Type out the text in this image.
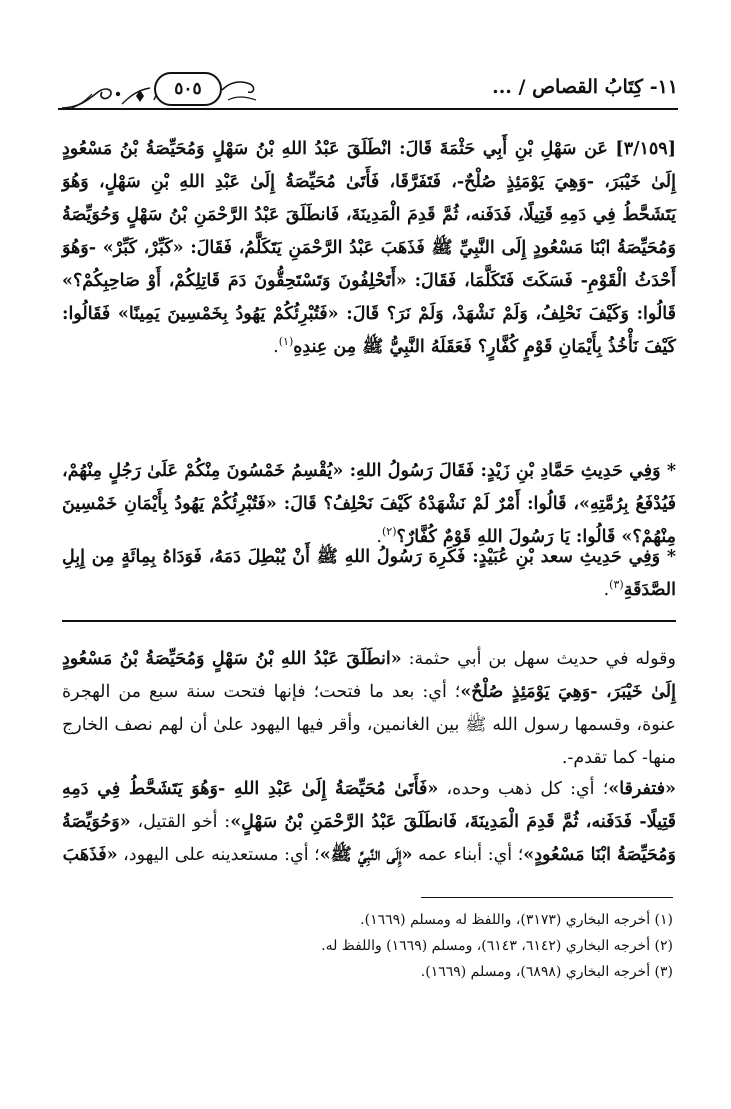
١١- كِتَابُ القصاص / ...
٥٠٥
[٣/١٥٩] عَن سَهْلِ بْنِ أَبِي حَثْمَةَ قَالَ: انْطَلَقَ عَبْدُ اللهِ بْنُ سَهْلٍ وَمُحَيِّصَةُ بْنُ مَسْعُودٍ إِلَىٰ خَيْبَرَ، -وَهِيَ يَوْمَئِذٍ صُلْحٌ-، فَتَفَرَّقَا، فَأَتَىٰ مُحَيِّصَةُ إِلَىٰ عَبْدِ اللهِ بْنِ سَهْلٍ، وَهُوَ يَتَشَحَّطُ فِي دَمِهِ قَتِيلًا، فَدَفَنه، ثُمَّ قَدِمَ الْمَدِينَةَ، فَانطَلَقَ عَبْدُ الرَّحْمَنِ بْنُ سَهْلٍ وَحُوَيِّصَةُ وَمُحَيِّصَةُ ابْنَا مَسْعُودٍ إِلَى النَّبِيِّ ﷺ فَذَهَبَ عَبْدُ الرَّحْمَنِ يَتَكَلَّمُ، فَقَالَ: «كَبِّرْ، كَبِّرْ» -وَهُوَ أَحْدَثُ الْقَوْمِ- فَسَكَتَ فَتَكَلَّمَا، فَقَالَ: «أَتَحْلِفُونَ وَتَسْتَحِقُّونَ دَمَ قَاتِلِكُمْ، أَوْ صَاحِبِكُمْ؟» قَالُوا: وَكَيْفَ نَحْلِفُ، وَلَمْ نَشْهَدْ، وَلَمْ نَرَ؟ قَالَ: «فَتُبْرِئُكُمْ يَهُودُ بِخَمْسِينَ يَمِينًا» فَقَالُوا: كَيْفَ نَأْخُذُ بِأَيْمَانِ قَوْمٍ كُفَّارٍ؟ فَعَقَلَهُ النَّبِيُّ ﷺ مِن عِندِهِ$^{(١)}$.
* وَفِي حَدِيثِ حَمَّادِ بْنِ زَيْدٍ: فَقَالَ رَسُولُ اللهِ: «يُقْسِمُ خَمْسُونَ مِنْكُمْ عَلَىٰ رَجُلٍ مِنْهُمْ، فَيُدْفَعُ بِرُمَّتِهِ»، قَالُوا: أَمْرٌ لَمْ نَشْهَدْهُ كَيْفَ نَحْلِفُ؟ قَالَ: «فَتُبْرِئُكُمْ يَهُودُ بِأَيْمَانِ خَمْسِينَ مِنْهُمْ؟» قَالُوا: يَا رَسُولَ اللهِ قَوْمٌ كُفَّارٌ؟$^{(٢)}$.
* وَفِي حَدِيثِ سعد بْنِ عُبَيْدٍ: فَكَرِهَ رَسُولُ اللهِ ﷺ أَنْ يُبْطِلَ دَمَهُ، فَوَدَاهُ بِمِائَةٍ مِن إِبِلِ الصَّدَقَةِ$^{(٣)}$.
وقوله في حديث سهل بن أبي حثمة: «انطَلَقَ عَبْدُ اللهِ بْنُ سَهْلٍ وَمُحَيِّصَةُ بْنُ مَسْعُودٍ إِلَىٰ خَيْبَرَ، -وَهِيَ يَوْمَئِذٍ صُلْحٌ»؛ أي: بعد ما فتحت؛ فإنها فتحت سنة سبع من الهجرة عنوة، وقسمها رسول الله ﷺ بين الغانمين، وأقر فيها اليهود علىٰ أن لهم نصف الخارج منها- كما تقدم-.
«فتفرقا»؛ أي: كل ذهب وحده، «فَأَتَىٰ مُحَيِّصَةُ إِلَىٰ عَبْدِ اللهِ -وَهُوَ يَتَشَحَّطُ فِي دَمِهِ قَتِيلًا- فَدَفَنه، ثُمَّ قَدِمَ الْمَدِينَةَ، فَانطَلَقَ عَبْدُ الرَّحْمَنِ بْنُ سَهْلٍ»: أخو القتيل، «وَحُوَيِّصَةُ وَمُحَيِّصَةُ ابْنَا مَسْعُودٍ»؛ أي: أبناء عمه «إِلَى النَّبِيِّ ﷺ»؛ أي: مستعدينه على اليهود، «فَذَهَبَ
(١) أخرجه البخاري (٣١٧٣)، واللفظ له ومسلم (١٦٦٩).
(٢) أخرجه البخاري (٦١٤٢، ٦١٤٣)، ومسلم (١٦٦٩) واللفظ له.
(٣) أخرجه البخاري (٦٨٩٨)، ومسلم (١٦٦٩).
